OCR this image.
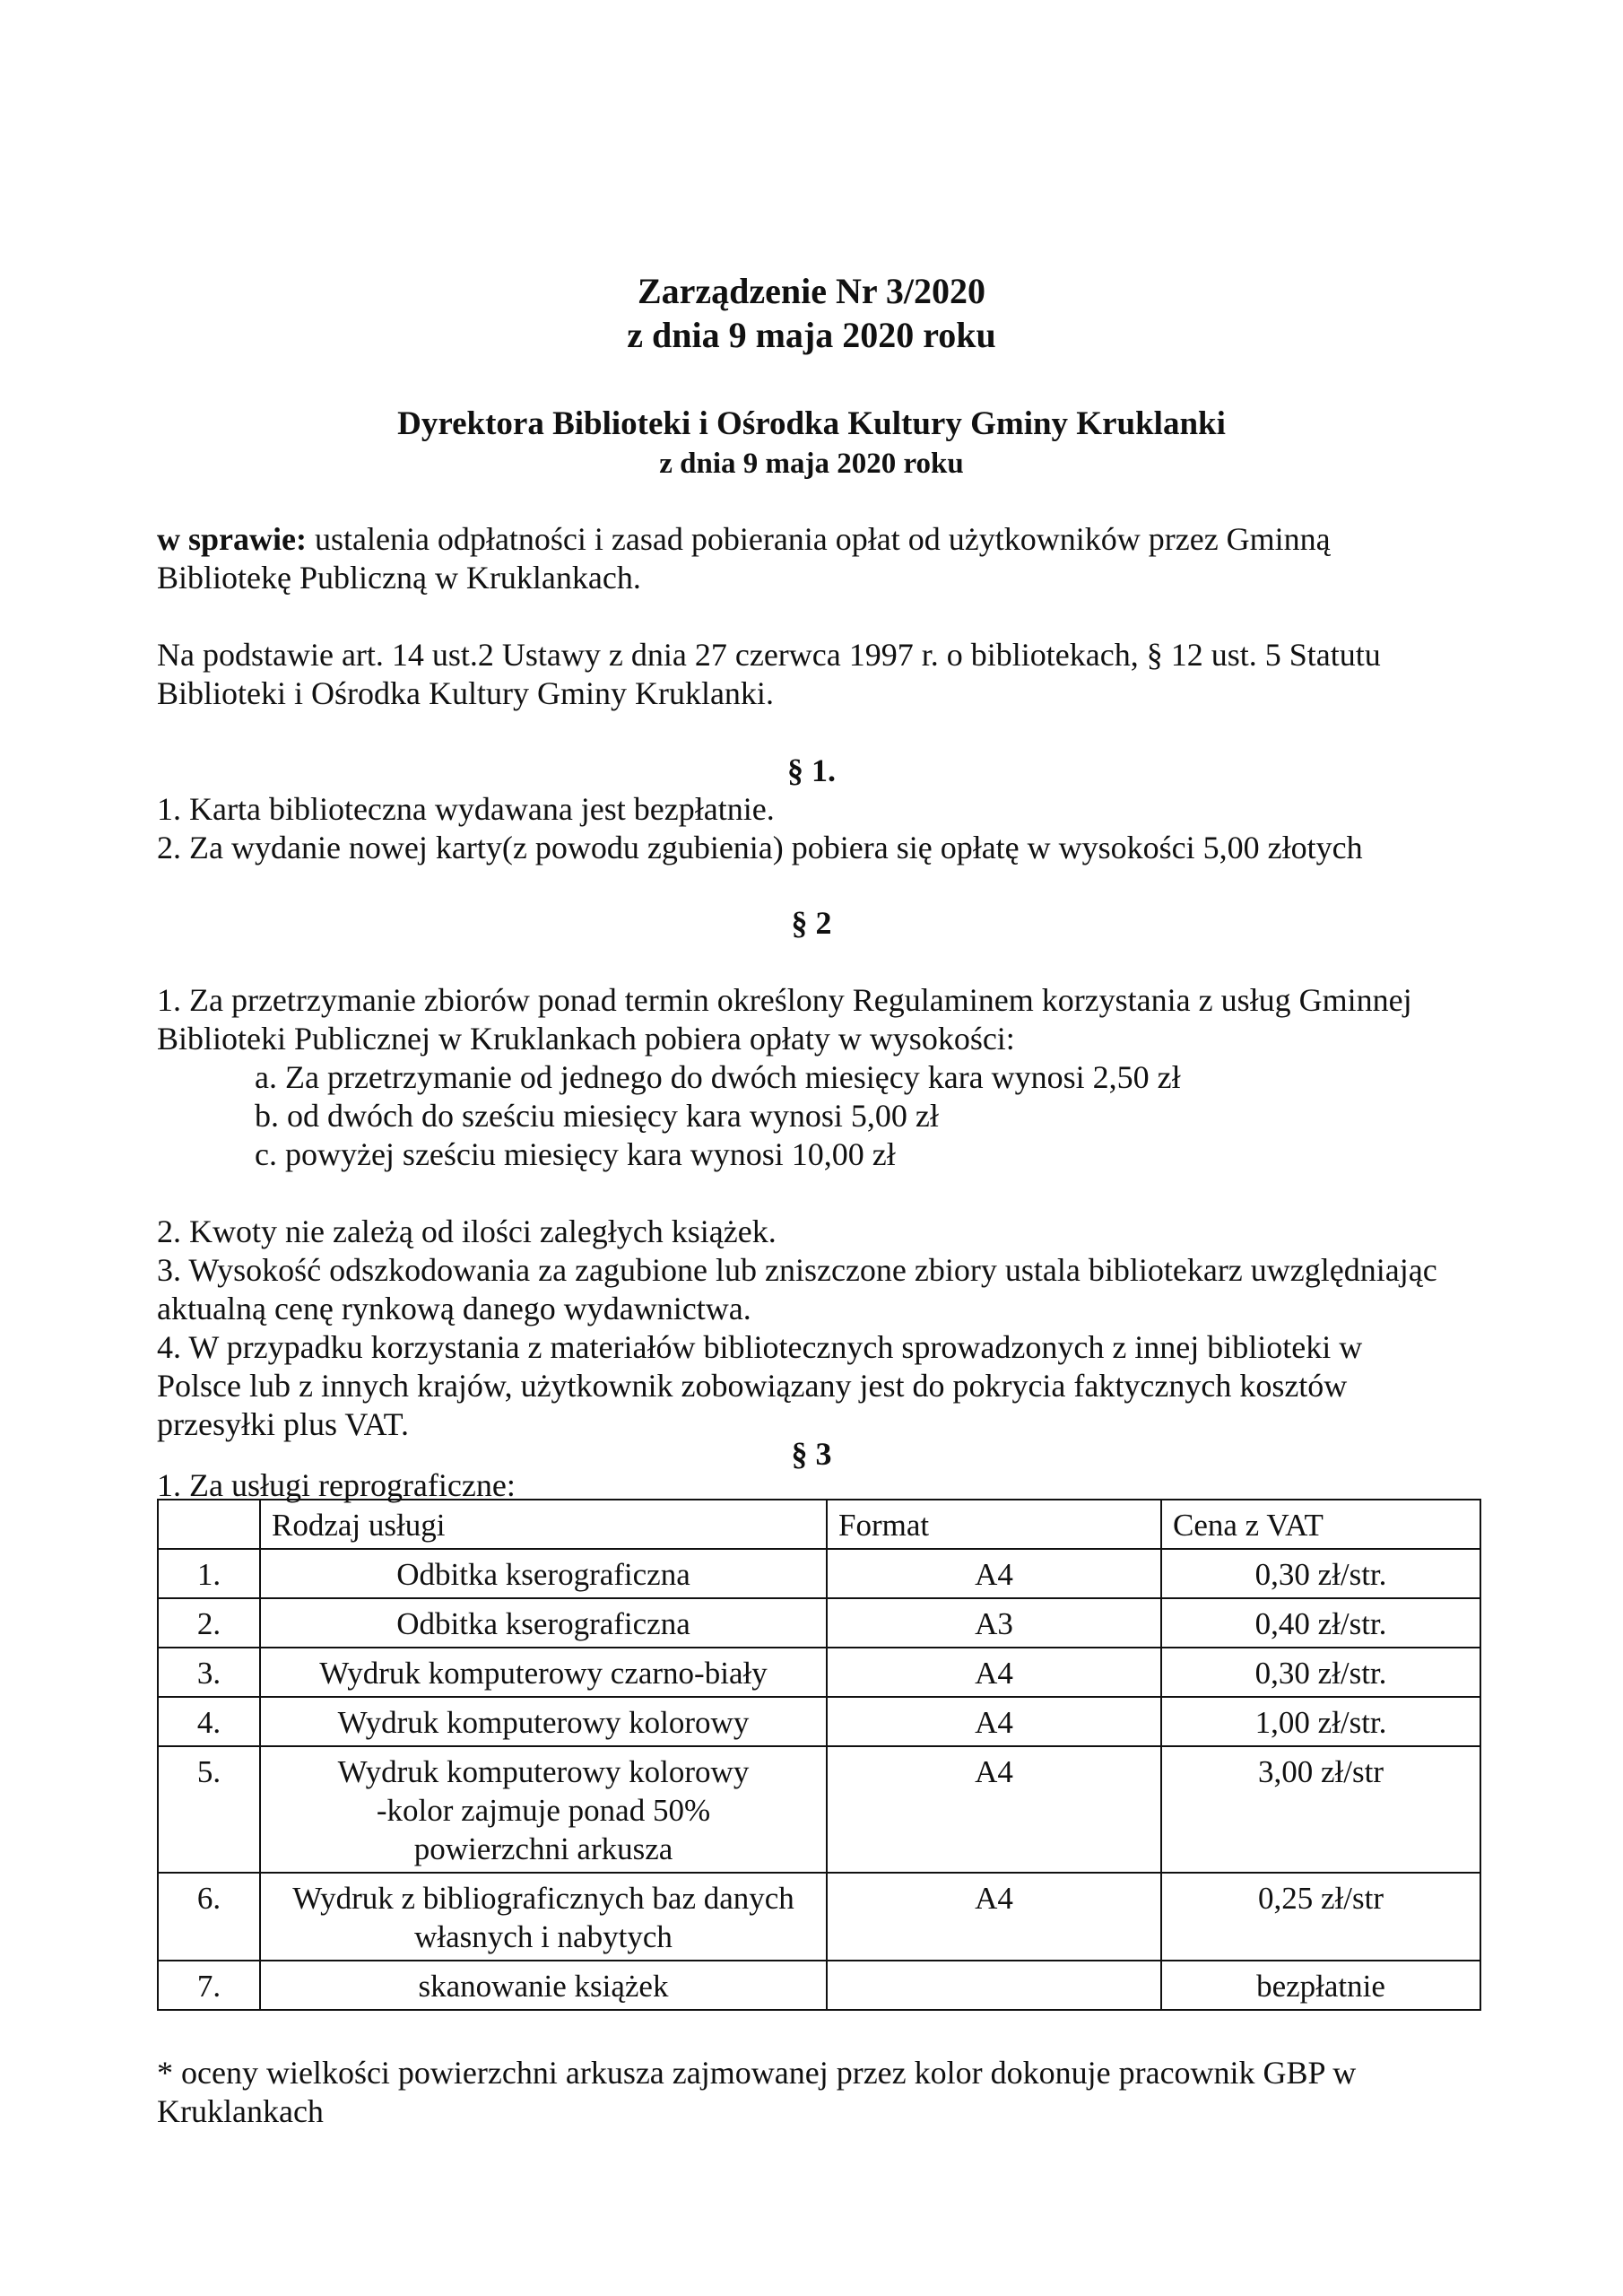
Zarządzenie Nr 3/2020
z dnia 9 maja 2020 roku
Dyrektora Biblioteki i Ośrodka Kultury Gminy Kruklanki
z dnia 9 maja 2020 roku
w sprawie: ustalenia odpłatności i zasad pobierania opłat od użytkowników przez Gminną
Bibliotekę Publiczną w Kruklankach.
Na podstawie art. 14 ust.2 Ustawy z dnia 27 czerwca 1997 r. o bibliotekach, § 12 ust. 5 Statutu
Biblioteki i Ośrodka Kultury Gminy Kruklanki.
§ 1.
1. Karta biblioteczna wydawana jest bezpłatnie.
2. Za wydanie nowej karty(z powodu zgubienia) pobiera się opłatę w wysokości 5,00 złotych
§ 2
1. Za przetrzymanie zbiorów ponad termin określony Regulaminem korzystania z usług Gminnej
Biblioteki Publicznej w Kruklankach pobiera opłaty w wysokości:
a. Za przetrzymanie od jednego do dwóch miesięcy kara wynosi 2,50 zł
b. od dwóch do sześciu miesięcy kara wynosi 5,00 zł
c. powyżej sześciu miesięcy kara wynosi 10,00 zł
2. Kwoty nie zależą od ilości zaległych książek.
3. Wysokość odszkodowania za zagubione lub zniszczone zbiory ustala bibliotekarz uwzględniając
aktualną cenę rynkową danego wydawnictwa.
4. W przypadku korzystania z materiałów bibliotecznych sprowadzonych z innej biblioteki w
Polsce lub z innych krajów, użytkownik zobowiązany jest do pokrycia faktycznych kosztów
przesyłki plus VAT.
§ 3
1. Za usługi reprograficzne:
	Rodzaj usługi	Format	Cena z VAT
1.	Odbitka kserograficzna	A4	0,30 zł/str.
2.	Odbitka kserograficzna	A3	0,40 zł/str.
3.	Wydruk komputerowy czarno-biały	A4	0,30 zł/str.
4.	Wydruk komputerowy kolorowy	A4	1,00 zł/str.
5.	Wydruk komputerowy kolorowy
-kolor zajmuje ponad 50%
powierzchni arkusza	A4	3,00 zł/str
6.	Wydruk z bibliograficznych baz danych
własnych i nabytych	A4	0,25 zł/str
7.	skanowanie książek		bezpłatnie
* oceny wielkości powierzchni arkusza zajmowanej przez kolor dokonuje pracownik GBP w
Kruklankach
